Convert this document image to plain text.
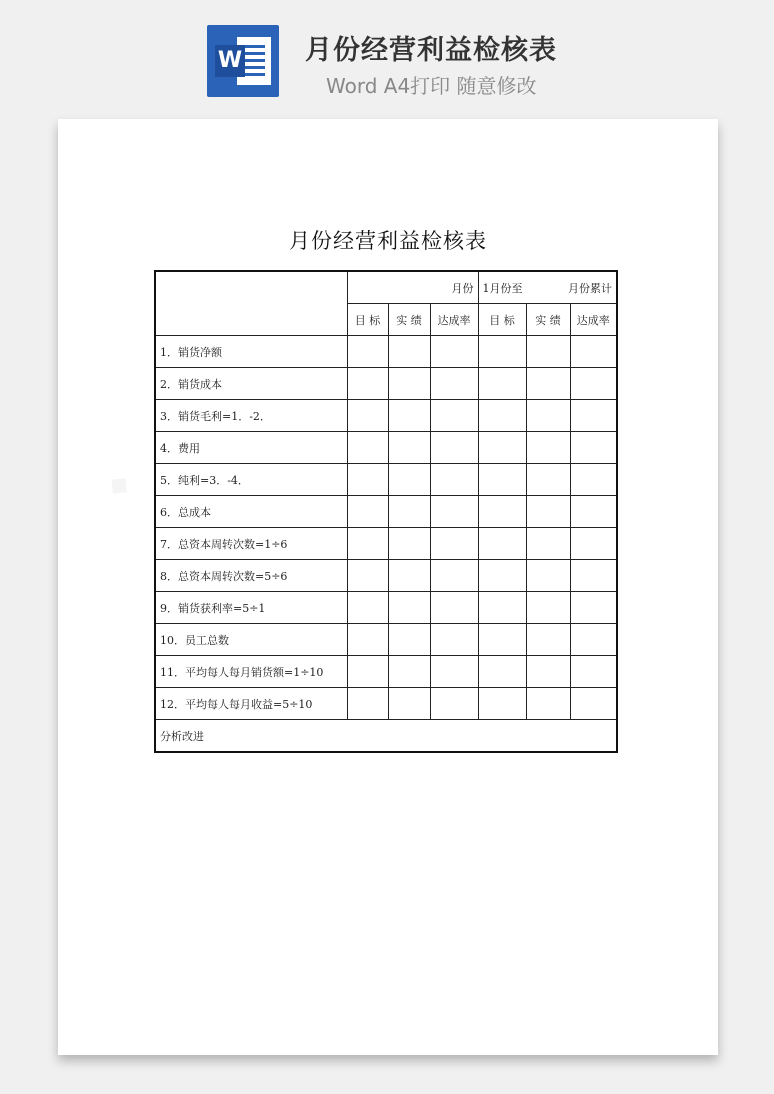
W 月份经营利益检核表
Word A4打印 随意修改
月份经营利益检核表
	月份			1月份至 月份累计		

	目 标	实 绩	达成率	目 标	实 绩	达成率
1．销货净额						
2．销货成本						
3．销货毛利=1．-2．						
4．费用						
5．纯利=3．-4．						
6．总成本						
7．总资本周转次数=1÷6						
8．总资本周转次数=5÷6						
9．销货获利率=5÷1						
10．员工总数						
11．平均每人每月销货额=1÷10						
12．平均每人每月收益=5÷10						
分析改进						
